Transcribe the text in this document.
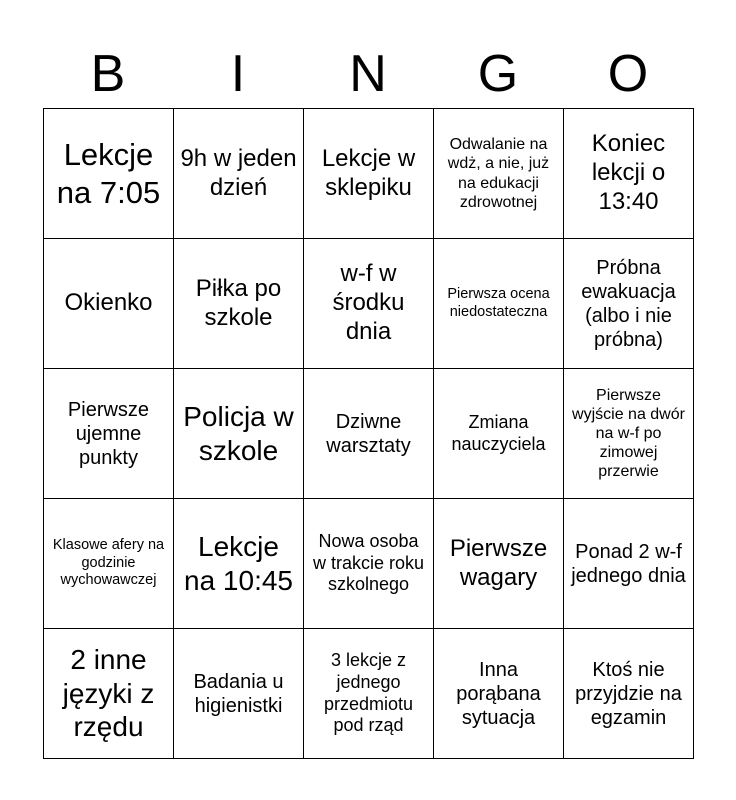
B	I	N	G	O
Lekcje na 7:05	9h w jeden dzień	Lekcje w sklepiku	Odwalanie na wdż, a nie, już na edukacji zdrowotnej	Koniec lekcji o 13:40
Okienko	Piłka po szkole	w-f w środku dnia	Pierwsza ocena niedostateczna	Próbna ewakuacja (albo i nie próbna)
Pierwsze ujemne punkty	Policja w szkole	Dziwne warsztaty	Zmiana nauczyciela	Pierwsze wyjście na dwór na w-f po zimowej przerwie
Klasowe afery na godzinie wychowawczej	Lekcje na 10:45	Nowa osoba w trakcie roku szkolnego	Pierwsze wagary	Ponad 2 w-f jednego dnia
2 inne języki z rzędu	Badania u higienistki	3 lekcje z jednego przedmiotu pod rząd	Inna porąbana sytuacja	Ktoś nie przyjdzie na egzamin
